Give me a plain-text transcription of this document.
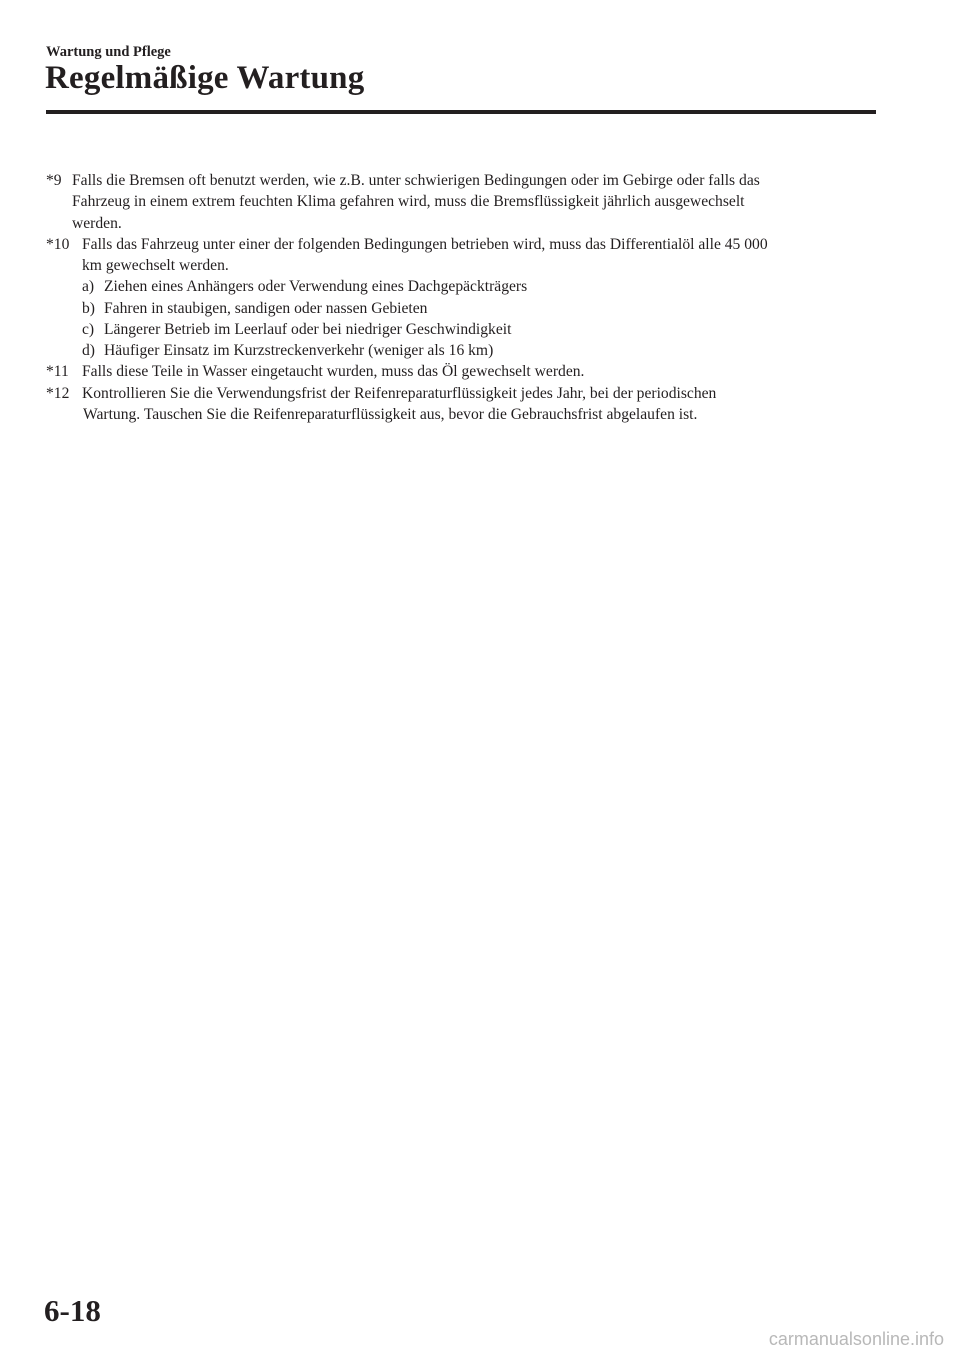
Wartung und Pflege
Regelmäßige Wartung
*9 Falls die Bremsen oft benutzt werden, wie z.B. unter schwierigen Bedingungen oder im Gebirge oder falls das
Fahrzeug in einem extrem feuchten Klima gefahren wird, muss die Bremsflüssigkeit jährlich ausgewechselt
werden.
*10 Falls das Fahrzeug unter einer der folgenden Bedingungen betrieben wird, muss das Differentialöl alle 45 000
km gewechselt werden.
a) Ziehen eines Anhängers oder Verwendung eines Dachgepäckträgers
b) Fahren in staubigen, sandigen oder nassen Gebieten
c) Längerer Betrieb im Leerlauf oder bei niedriger Geschwindigkeit
d) Häufiger Einsatz im Kurzstreckenverkehr (weniger als 16 km)
*11 Falls diese Teile in Wasser eingetaucht wurden, muss das Öl gewechselt werden.
*12 Kontrollieren Sie die Verwendungsfrist der Reifenreparaturflüssigkeit jedes Jahr, bei der periodischen
Wartung. Tauschen Sie die Reifenreparaturflüssigkeit aus, bevor die Gebrauchsfrist abgelaufen ist.
6-18
carmanualsonline.info
